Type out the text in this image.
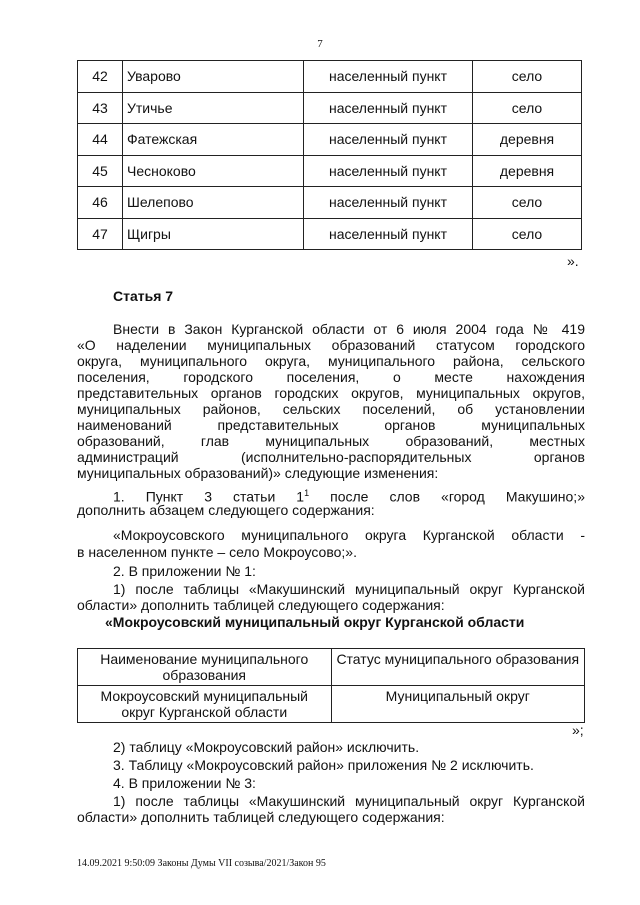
7
42	Уварово	населенный пункт	село
43	Утичье	населенный пункт	село
44	Фатежская	населенный пункт	деревня
45	Чесноково	населенный пункт	деревня
46	Шелепово	населенный пункт	село
47	Щигры	населенный пункт	село
».
Статья 7
Внести в Закон Курганской области от 6 июля 2004 года № 419
«О наделении муниципальных образований статусом городского
округа, муниципального округа, муниципального района, сельского
поселения, городского поселения, о месте нахождения
представительных органов городских округов, муниципальных округов,
муниципальных районов, сельских поселений, об установлении
наименований представительных органов муниципальных
образований, глав муниципальных образований, местных
администраций (исполнительно-распорядительных органов
муниципальных образований)» следующие изменения:
1. Пункт 3 статьи $1^1$ после слов «город Макушино;»
дополнить абзацем следующего содержания:
«Мокроусовского муниципального округа Курганской области -
в населенном пункте – село Мокроусово;».
2. В приложении № 1:
1) после таблицы «Макушинский муниципальный округ Курганской
области» дополнить таблицей следующего содержания:
«Мокроусовский муниципальный округ Курганской области
Наименование муниципального образования	Статус муниципального образования
Мокроусовский муниципальный округ Курганской области	Муниципальный округ
»;
2) таблицу «Мокроусовский район» исключить.
3. Таблицу «Мокроусовский район» приложения № 2 исключить.
4. В приложении № 3:
1) после таблицы «Макушинский муниципальный округ Курганской
области» дополнить таблицей следующего содержания:
14.09.2021 9:50:09 Законы Думы VII созыва/2021/Закон 95
